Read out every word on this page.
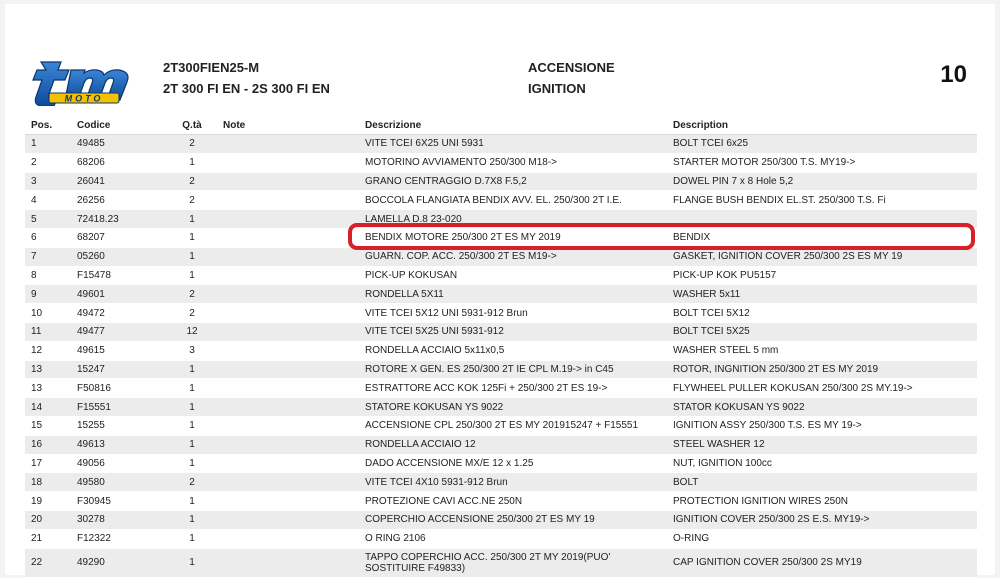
MOTO
2T300FIEN25-M
2T 300 FI EN - 2S 300 FI EN
ACCENSIONE
IGNITION
10
Pos.	Codice	Q.tà	Note	Descrizione	Description
1	49485	2		VITE TCEI 6X25 UNI 5931	BOLT TCEI 6x25
2	68206	1		MOTORINO AVVIAMENTO 250/300 M18->	STARTER MOTOR 250/300 T.S. MY19->
3	26041	2		GRANO CENTRAGGIO D.7X8 F.5,2	DOWEL PIN 7 x 8 Hole 5,2
4	26256	2		BOCCOLA FLANGIATA BENDIX AVV. EL. 250/300 2T I.E.	FLANGE BUSH BENDIX EL.ST. 250/300 T.S. Fi
5	72418.23	1		LAMELLA D.8 23-020	
6	68207	1		BENDIX MOTORE 250/300 2T ES MY 2019	BENDIX
7	05260	1		GUARN. COP. ACC. 250/300 2T ES M19->	GASKET, IGNITION COVER 250/300 2S ES MY 19
8	F15478	1		PICK-UP KOKUSAN	PICK-UP KOK PU5157
9	49601	2		RONDELLA 5X11	WASHER 5x11
10	49472	2		VITE TCEI 5X12 UNI 5931-912 Brun	BOLT TCEI 5X12
11	49477	12		VITE TCEI 5X25 UNI 5931-912	BOLT TCEI 5X25
12	49615	3		RONDELLA ACCIAIO 5x11x0,5	WASHER STEEL 5 mm
13	15247	1		ROTORE X GEN. ES 250/300 2T IE CPL M.19-> in C45	ROTOR, INGNITION 250/300 2T ES MY 2019
13	F50816	1		ESTRATTORE ACC KOK 125Fi + 250/300 2T ES 19->	FLYWHEEL PULLER KOKUSAN 250/300 2S MY.19->
14	F15551	1		STATORE KOKUSAN YS 9022	STATOR KOKUSAN YS 9022
15	15255	1		ACCENSIONE CPL 250/300 2T ES MY 201915247 + F15551	IGNITION ASSY 250/300 T.S. ES MY 19->
16	49613	1		RONDELLA ACCIAIO 12	STEEL WASHER 12
17	49056	1		DADO ACCENSIONE MX/E 12 x 1.25	NUT, IGNITION 100cc
18	49580	2		VITE TCEI 4X10 5931-912 Brun	BOLT
19	F30945	1		PROTEZIONE CAVI ACC.NE 250N	PROTECTION IGNITION WIRES 250N
20	30278	1		COPERCHIO ACCENSIONE 250/300 2T ES MY 19	IGNITION COVER 250/300 2S E.S. MY19->
21	F12322	1		O RING 2106	O-RING
22	49290	1		TAPPO COPERCHIO ACC. 250/300 2T MY 2019(PUO' SOSTITUIRE F49833)	CAP IGNITION COVER 250/300 2S MY19
